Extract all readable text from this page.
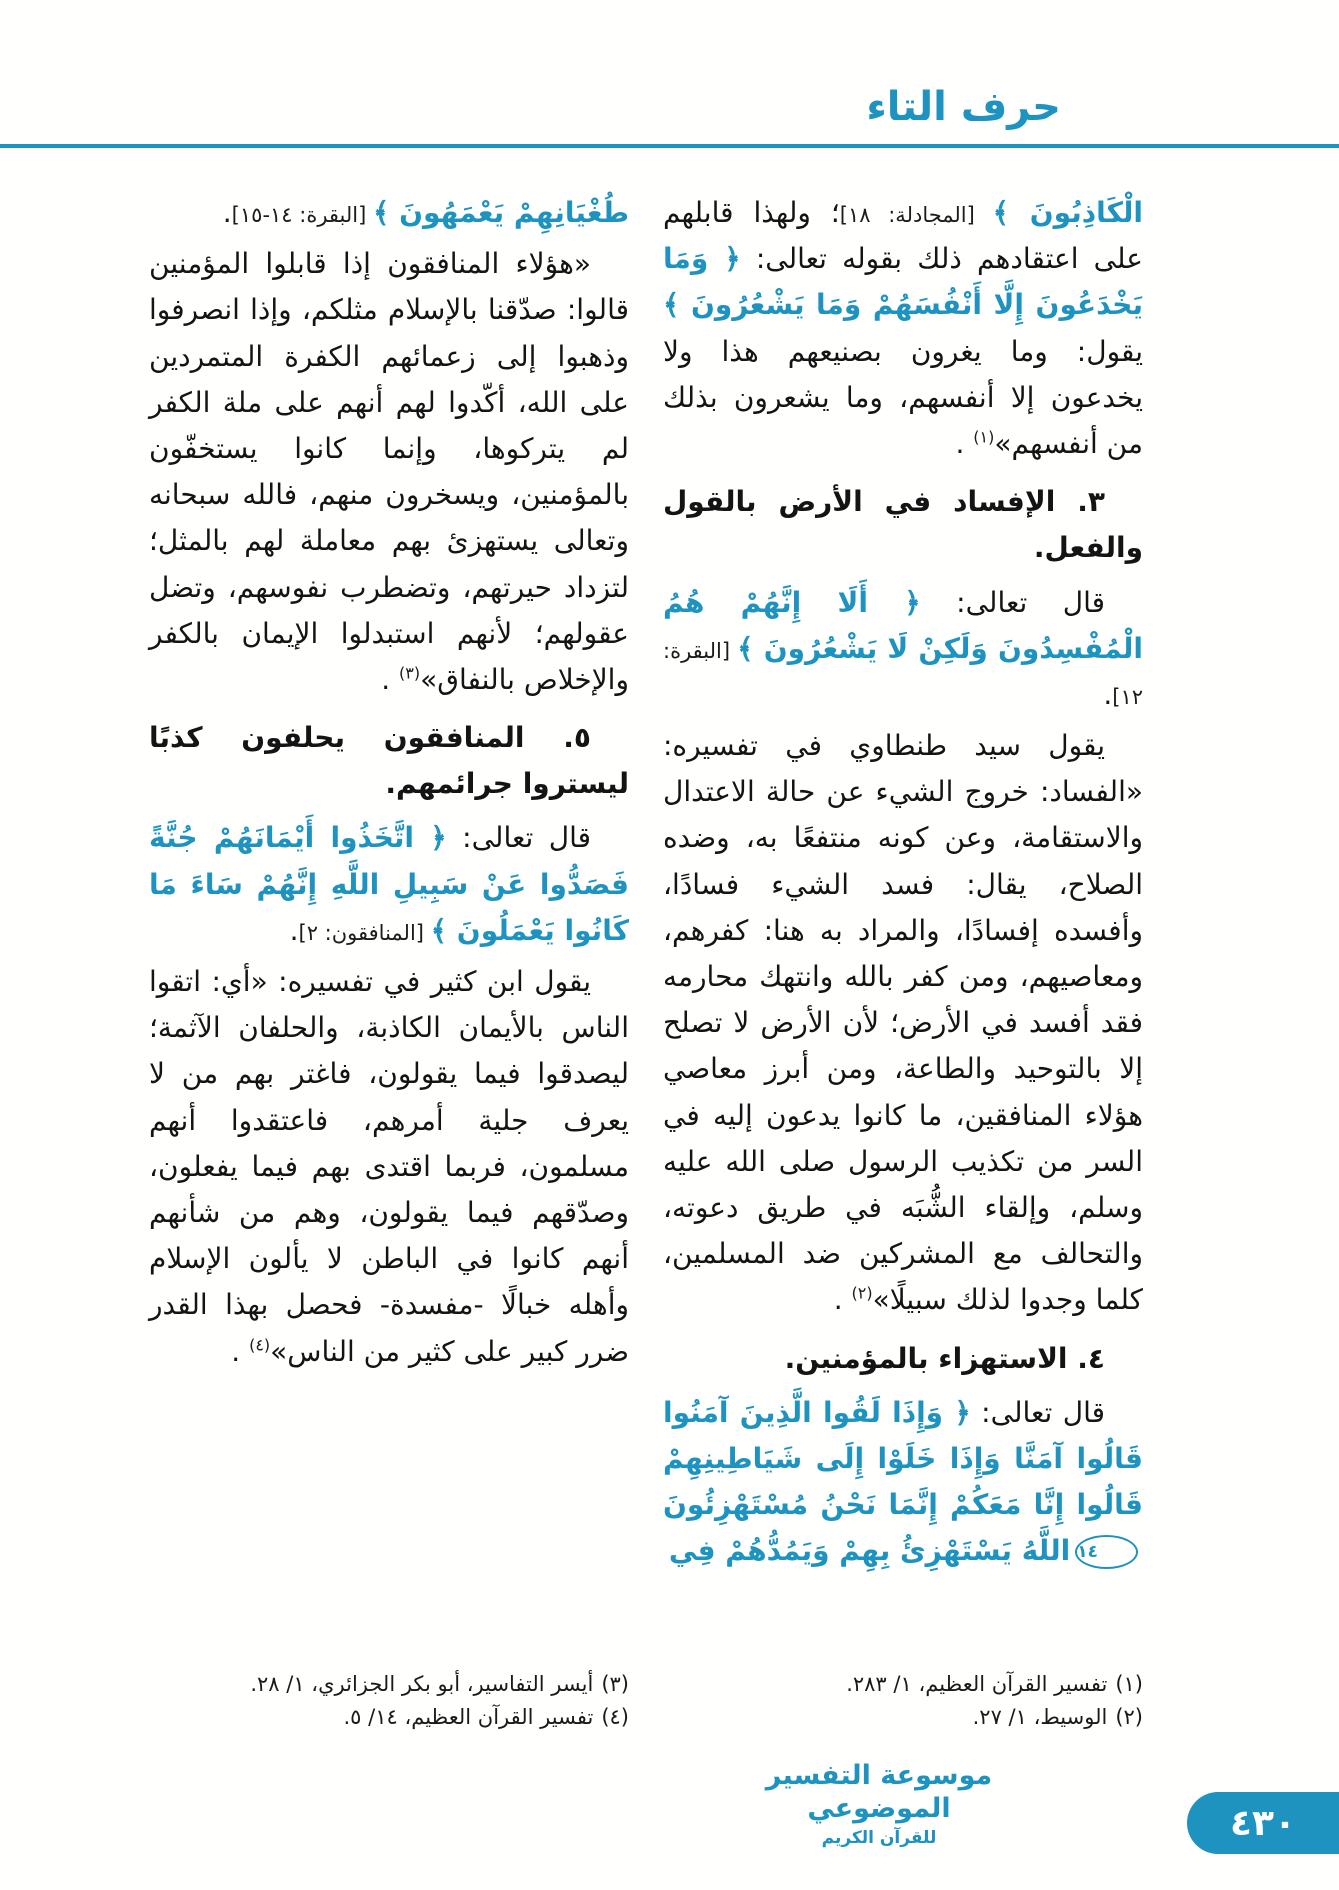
حرف التاء

الْكَاذِبُونَ ﴾ [المجادلة: ١٨]؛ ولهذا قابلهم على اعتقادهم ذلك بقوله تعالى: ﴿ وَمَا يَخْدَعُونَ إِلَّا أَنْفُسَهُمْ وَمَا يَشْعُرُونَ ﴾ يقول: وما يغرون بصنيعهم هذا ولا يخدعون إلا أنفسهم، وما يشعرون بذلك من أنفسهم»$^{(١)}$ .

٣. الإفساد في الأرض بالقول والفعل.

قال تعالى: ﴿ أَلَا إِنَّهُمْ هُمُ الْمُفْسِدُونَ وَلَكِنْ لَا يَشْعُرُونَ ﴾ [البقرة: ١٢].

يقول سيد طنطاوي في تفسيره: «الفساد: خروج الشيء عن حالة الاعتدال والاستقامة، وعن كونه منتفعًا به، وضده الصلاح، يقال: فسد الشيء فسادًا، وأفسده إفسادًا، والمراد به هنا: كفرهم، ومعاصيهم، ومن كفر بالله وانتهك محارمه فقد أفسد في الأرض؛ لأن الأرض لا تصلح إلا بالتوحيد والطاعة، ومن أبرز معاصي هؤلاء المنافقين، ما كانوا يدعون إليه في السر من تكذيب الرسول صلى الله عليه وسلم، وإلقاء الشُّبَه في طريق دعوته، والتحالف مع المشركين ضد المسلمين، كلما وجدوا لذلك سبيلًا»$^{(٢)}$ .

٤. الاستهزاء بالمؤمنين.

قال تعالى: ﴿ وَإِذَا لَقُوا الَّذِينَ آمَنُوا قَالُوا آمَنَّا وَإِذَا خَلَوْا إِلَى شَيَاطِينِهِمْ قَالُوا إِنَّا مَعَكُمْ إِنَّمَا نَحْنُ مُسْتَهْزِئُونَ١٤اللَّهُ يَسْتَهْزِئُ بِهِمْ وَيَمُدُّهُمْ فِي

(١)تفسير القرآن العظيم، ١/ ٢٨٣.
(٢)الوسيط، ١/ ٢٧.

طُغْيَانِهِمْ يَعْمَهُونَ ﴾ [البقرة: ١٤-١٥].

«هؤلاء المنافقون إذا قابلوا المؤمنين قالوا: صدّقنا بالإسلام مثلكم، وإذا انصرفوا وذهبوا إلى زعمائهم الكفرة المتمردين على الله، أكّدوا لهم أنهم على ملة الكفر لم يتركوها، وإنما كانوا يستخفّون بالمؤمنين، ويسخرون منهم، فالله سبحانه وتعالى يستهزئ بهم معاملة لهم بالمثل؛ لتزداد حيرتهم، وتضطرب نفوسهم، وتضل عقولهم؛ لأنهم استبدلوا الإيمان بالكفر والإخلاص بالنفاق»$^{(٣)}$ .

٥. المنافقون يحلفون كذبًا ليستروا جرائمهم.

قال تعالى: ﴿ اتَّخَذُوا أَيْمَانَهُمْ جُنَّةً فَصَدُّوا عَنْ سَبِيلِ اللَّهِ إِنَّهُمْ سَاءَ مَا كَانُوا يَعْمَلُونَ ﴾ [المنافقون: ٢].

يقول ابن كثير في تفسيره: «أي: اتقوا الناس بالأيمان الكاذبة، والحلفان الآثمة؛ ليصدقوا فيما يقولون، فاغتر بهم من لا يعرف جلية أمرهم، فاعتقدوا أنهم مسلمون، فربما اقتدى بهم فيما يفعلون، وصدّقهم فيما يقولون، وهم من شأنهم أنهم كانوا في الباطن لا يألون الإسلام وأهله خبالًا -مفسدة- فحصل بهذا القدر ضرر كبير على كثير من الناس»$^{(٤)}$ .

(٣)أيسر التفاسير، أبو بكر الجزائري، ١/ ٢٨.
(٤)تفسير القرآن العظيم، ١٤/ ٥.
موسوعة التفسير الموضوعي
للقرآن الكريم	٤٣٠
